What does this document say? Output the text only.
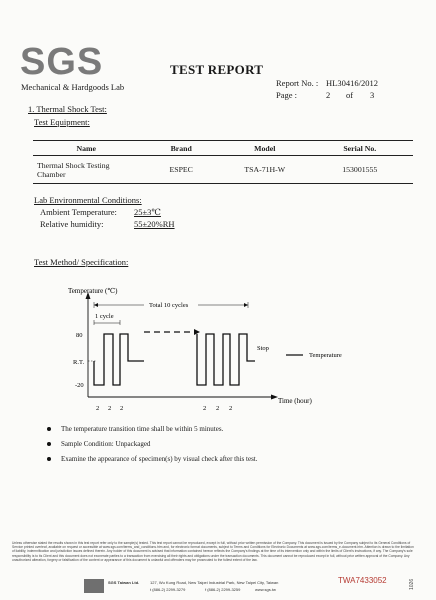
SGS
Mechanical & Hardgoods Lab
TEST REPORT
Report No. : HL30416/2012
Page :	2 of 3
1. Thermal Shock Test:
Test Equipment:
Name	Brand	Model	Serial No.

Thermal Shock Testing
Chamber	ESPEC	TSA-71H-W	153001555
Lab Environmental Conditions:
Ambient Temperature: 25±3℃
Relative humidity:	55±20%RH
Test Method/ Specification:
Temperature (℃)
Time (hour)
80
R.T.
-20
Total 10 cycles
1 cycle
Stop
Temperature
2 2 2	2 2 2
The temperature transition time shall be within 5 minutes.
Sample Condition: Unpackaged
Examine the appearance of specimen(s) by visual check after this test.
Unless otherwise stated the results shown in this test report refer only to the sample(s) tested. This test report cannot be reproduced, except in full, without prior written permission of the Company. This document is issued by the Company subject to its General Conditions of Service printed overleaf, available on request or accessible at www.sgs.com/terms_and_conditions.htm and, for electronic format documents, subject to Terms and Conditions for Electronic Documents at www.sgs.com/terms_e-document.htm. Attention is drawn to the limitation of liability, indemnification and jurisdiction issues defined therein. Any holder of this document is advised that information contained hereon reflects the Company's findings at the time of its intervention only and within the limits of Client's instructions, if any. The Company's sole responsibility is to its Client and this document does not exonerate parties to a transaction from exercising all their rights and obligations under the transaction documents. This document cannot be reproduced except in full, without prior written approval of the Company. Any unauthorized alteration, forgery or falsification of the content or appearance of this document is unlawful and offenders may be prosecuted to the fullest extent of the law.
SGS Taiwan Ltd.	127, Wu Kung Road, New Taipei Industrial Park, New Taipei City, Taiwan
t (886-2) 2299-3279	f (886-2) 2299-3259	www.sgs.tw
TWA7433052	1026
